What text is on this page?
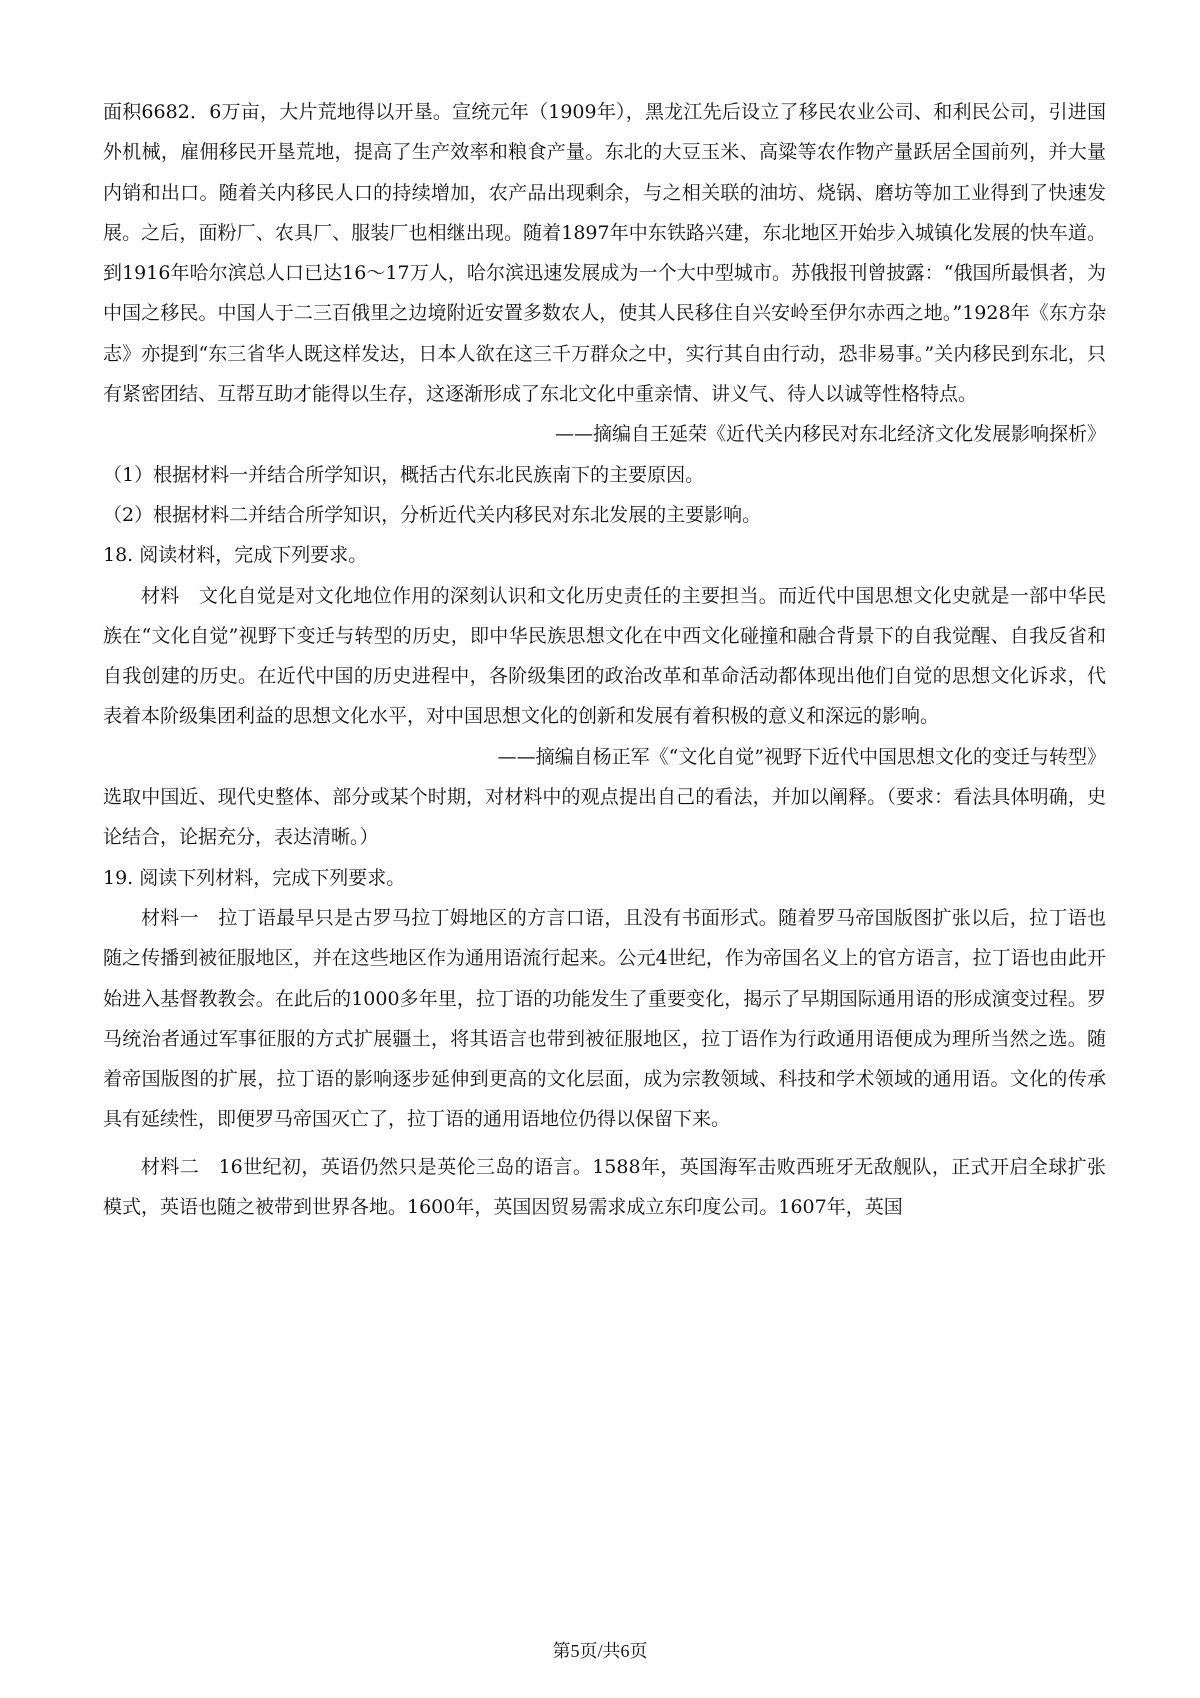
面积6682．6万亩，大片荒地得以开垦。宣统元年（1909年），黑龙江先后设立了移民农业公司、和利民公司，引进国外机械，雇佣移民开垦荒地，提高了生产效率和粮食产量。东北的大豆玉米、高粱等农作物产量跃居全国前列，并大量内销和出口。随着关内移民人口的持续增加，农产品出现剩余，与之相关联的油坊、烧锅、磨坊等加工业得到了快速发展。之后，面粉厂、农具厂、服装厂也相继出现。随着1897年中东铁路兴建，东北地区开始步入城镇化发展的快车道。到1916年哈尔滨总人口已达16～17万人，哈尔滨迅速发展成为一个大中型城市。苏俄报刊曾披露：“俄国所最惧者，为中国之移民。中国人于二三百俄里之边境附近安置多数农人，使其人民移住自兴安岭至伊尔赤西之地。”1928年《东方杂志》亦提到“东三省华人既这样发达，日本人欲在这三千万群众之中，实行其自由行动，恐非易事。”关内移民到东北，只有紧密团结、互帮互助才能得以生存，这逐渐形成了东北文化中重亲情、讲义气、待人以诚等性格特点。

——摘编自王延荣《近代关内移民对东北经济文化发展影响探析》

（1）根据材料一并结合所学知识，概括古代东北民族南下的主要原因。

（2）根据材料二并结合所学知识，分析近代关内移民对东北发展的主要影响。

18. 阅读材料，完成下列要求。

材料　文化自觉是对文化地位作用的深刻认识和文化历史责任的主要担当。而近代中国思想文化史就是一部中华民族在“文化自觉”视野下变迁与转型的历史，即中华民族思想文化在中西文化碰撞和融合背景下的自我觉醒、自我反省和自我创建的历史。在近代中国的历史进程中，各阶级集团的政治改革和革命活动都体现出他们自觉的思想文化诉求，代表着本阶级集团利益的思想文化水平，对中国思想文化的创新和发展有着积极的意义和深远的影响。

——摘编自杨正军《“文化自觉”视野下近代中国思想文化的变迁与转型》

选取中国近、现代史整体、部分或某个时期，对材料中的观点提出自己的看法，并加以阐释。（要求：看法具体明确，史论结合，论据充分，表达清晰。）

19. 阅读下列材料，完成下列要求。

材料一　拉丁语最早只是古罗马拉丁姆地区的方言口语，且没有书面形式。随着罗马帝国版图扩张以后，拉丁语也随之传播到被征服地区，并在这些地区作为通用语流行起来。公元4世纪，作为帝国名义上的官方语言，拉丁语也由此开始进入基督教教会。在此后的1000多年里，拉丁语的功能发生了重要变化，揭示了早期国际通用语的形成演变过程。罗马统治者通过军事征服的方式扩展疆土，将其语言也带到被征服地区，拉丁语作为行政通用语便成为理所当然之选。随着帝国版图的扩展，拉丁语的影响逐步延伸到更高的文化层面，成为宗教领域、科技和学术领域的通用语。文化的传承具有延续性，即便罗马帝国灭亡了，拉丁语的通用语地位仍得以保留下来。

材料二　16世纪初，英语仍然只是英伦三岛的语言。1588年，英国海军击败西班牙无敌舰队，正式开启全球扩张模式，英语也随之被带到世界各地。1600年，英国因贸易需求成立东印度公司。1607年，英国

第5页/共6页
